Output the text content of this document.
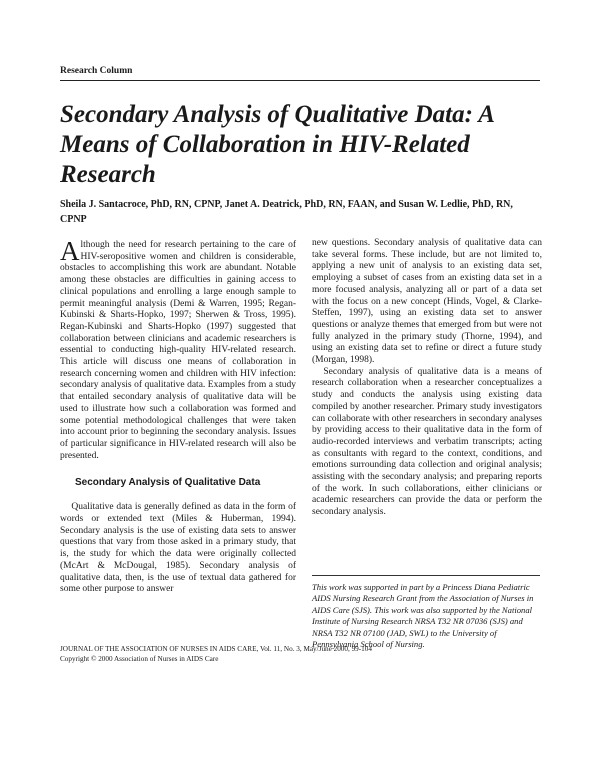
Research Column
Secondary Analysis of Qualitative Data: A Means of Collaboration in HIV-Related Research

Sheila J. Santacroce, PhD, RN, CPNP, Janet A. Deatrick, PhD, RN, FAAN, and Susan W. Ledlie, PhD, RN, CPNP

Although the need for research pertaining to the care of HIV-seropositive women and children is considerable, obstacles to accomplishing this work are abundant. Notable among these obstacles are difficulties in gaining access to clinical populations and enrolling a large enough sample to permit meaningful analysis (Demi & Warren, 1995; Regan-Kubinski & Sharts-Hopko, 1997; Sherwen & Tross, 1995). Regan-Kubinski and Sharts-Hopko (1997) suggested that collaboration between clinicians and academic researchers is essential to conducting high-quality HIV-related research. This article will discuss one means of collaboration in research concerning women and children with HIV infection: secondary analysis of qualitative data. Examples from a study that entailed secondary analysis of qualitative data will be used to illustrate how such a collaboration was formed and some potential methodological challenges that were taken into account prior to beginning the secondary analysis. Issues of particular significance in HIV-related research will also be presented.

Secondary Analysis of Qualitative Data

Qualitative data is generally defined as data in the form of words or extended text (Miles & Huberman, 1994). Secondary analysis is the use of existing data sets to answer questions that vary from those asked in a primary study, that is, the study for which the data were originally collected (McArt & McDougal, 1985). Secondary analysis of qualitative data, then, is the use of textual data gathered for some other purpose to answer

new questions. Secondary analysis of qualitative data can take several forms. These include, but are not limited to, applying a new unit of analysis to an existing data set, employing a subset of cases from an existing data set in a more focused analysis, analyzing all or part of a data set with the focus on a new concept (Hinds, Vogel, & Clarke-Steffen, 1997), using an existing data set to answer questions or analyze themes that emerged from but were not fully analyzed in the primary study (Thorne, 1994), and using an existing data set to refine or direct a future study (Morgan, 1998).

Secondary analysis of qualitative data is a means of research collaboration when a researcher conceptualizes a study and conducts the analysis using existing data compiled by another researcher. Primary study investigators can collaborate with other researchers in secondary analyses by providing access to their qualitative data in the form of audio-recorded interviews and verbatim transcripts; acting as consultants with regard to the context, conditions, and emotions surrounding data collection and original analysis; assisting with the secondary analysis; and preparing reports of the work. In such collaborations, either clinicians or academic researchers can provide the data or perform the secondary analysis.

This work was supported in part by a Princess Diana Pediatric AIDS Nursing Research Grant from the Association of Nurses in AIDS Care (SJS). This work was also supported by the National Institute of Nursing Research NRSA T32 NR 07036 (SJS) and NRSA T32 NR 07100 (JAD, SWL) to the University of Pennsylvania School of Nursing.

JOURNAL OF THE ASSOCIATION OF NURSES IN AIDS CARE, Vol. 11, No. 3, May/June 2000, 99-104
Copyright © 2000 Association of Nurses in AIDS Care
